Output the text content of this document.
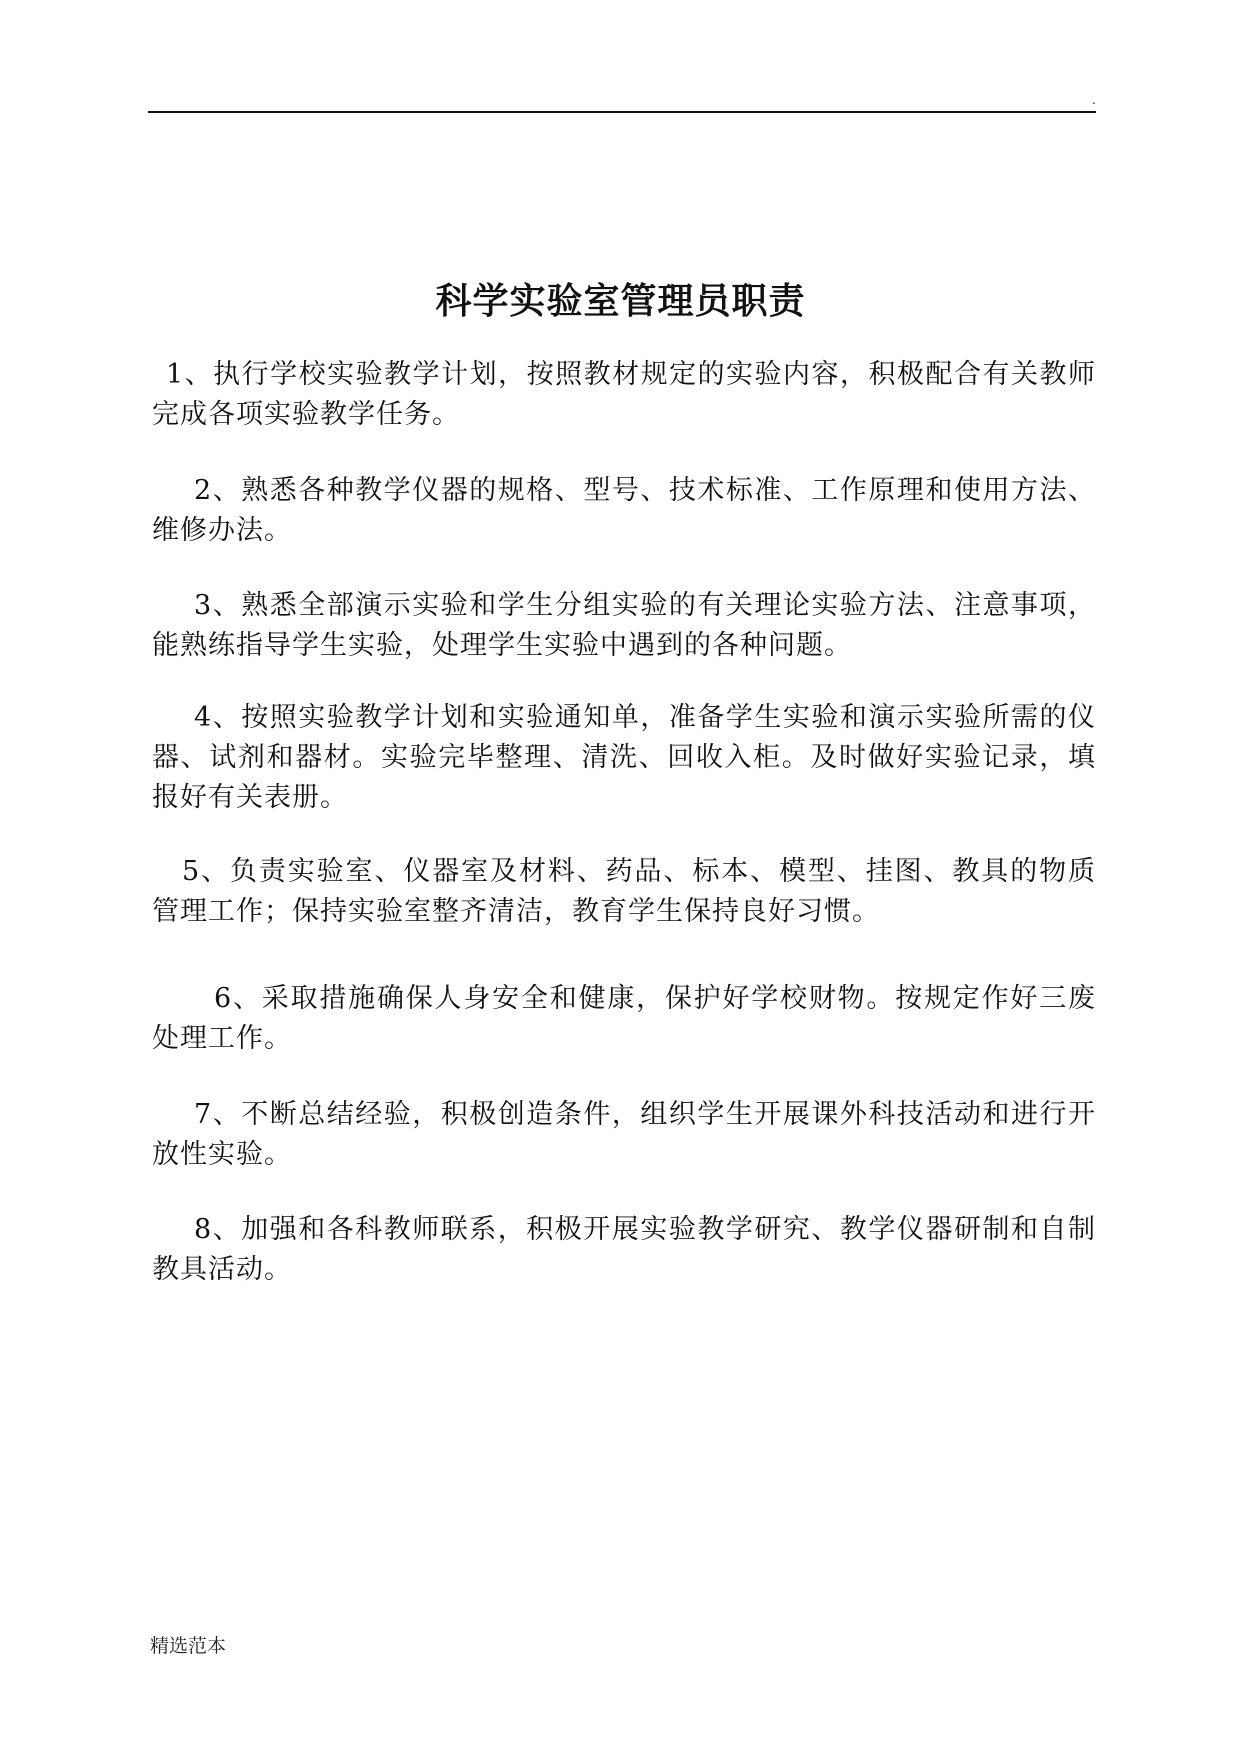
.
科学实验室管理员职责

1、执行学校实验教学计划，按照教材规定的实验内容，积极配合有关教师完成各项实验教学任务。

2、熟悉各种教学仪器的规格、型号、技术标准、工作原理和使用方法、维修办法。

3、熟悉全部演示实验和学生分组实验的有关理论实验方法、注意事项，能熟练指导学生实验，处理学生实验中遇到的各种问题。

4、按照实验教学计划和实验通知单，准备学生实验和演示实验所需的仪器、试剂和器材。实验完毕整理、清洗、回收入柜。及时做好实验记录，填报好有关表册。

5、负责实验室、仪器室及材料、药品、标本、模型、挂图、教具的物质管理工作；保持实验室整齐清洁，教育学生保持良好习惯。

6、采取措施确保人身安全和健康，保护好学校财物。按规定作好三废处理工作。

7、不断总结经验，积极创造条件，组织学生开展课外科技活动和进行开放性实验。

8、加强和各科教师联系，积极开展实验教学研究、教学仪器研制和自制教具活动。

精选范本
